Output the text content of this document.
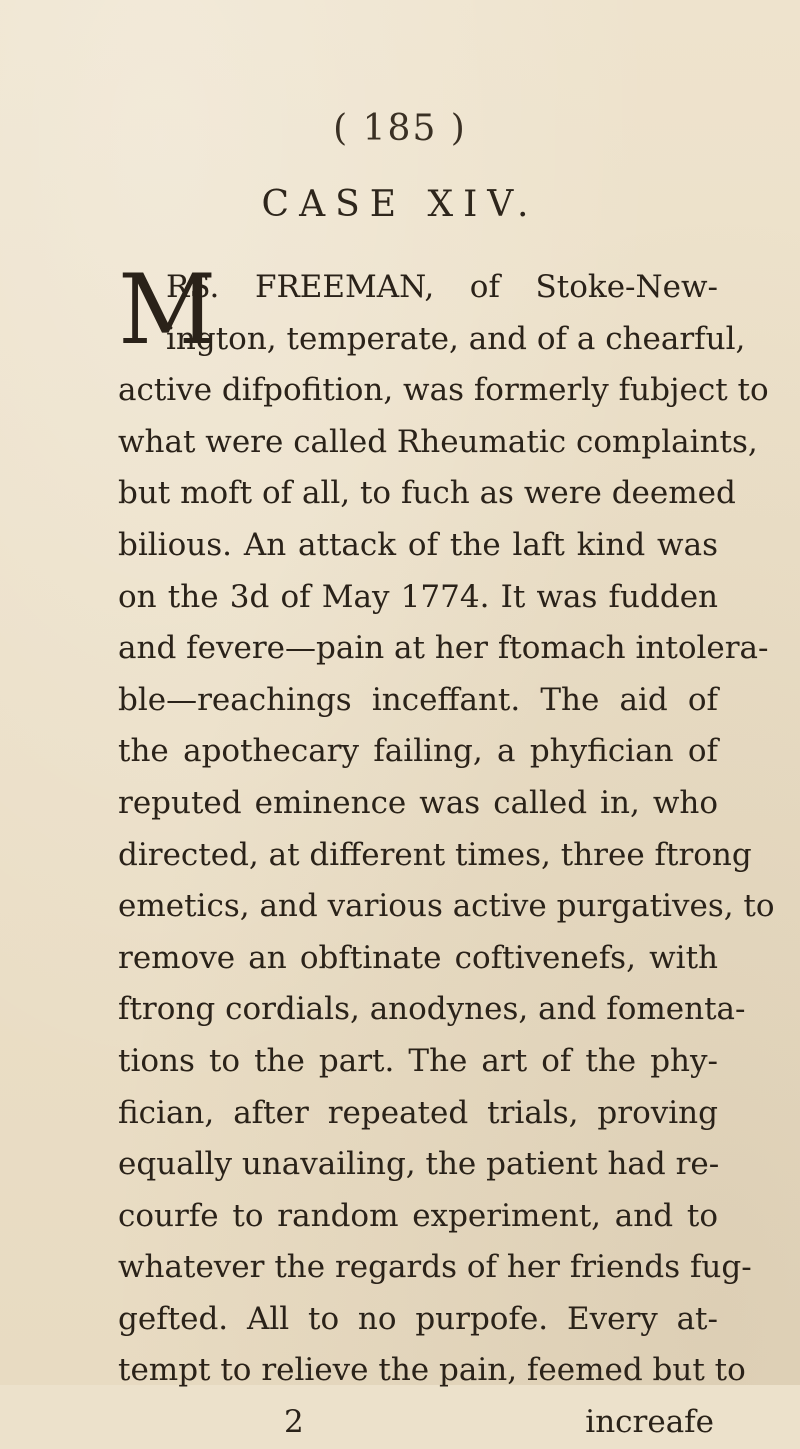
( 185 )
CASE XIV.
M
RS. FREEMAN, of Stoke-New-
ington, temperate, and of a chearful,
active difpofition, was formerly fubject to
what were called Rheumatic complaints,
but moft of all, to fuch as were deemed
bilious. An attack of the laft kind was
on the 3d of May 1774. It was fudden
and fevere—pain at her ftomach intolera-
ble—reachings inceffant. The aid of
the apothecary failing, a phyfician of
reputed eminence was called in, who
directed, at different times, three ftrong
emetics, and various active purgatives, to
remove an obftinate coftivenefs, with
ftrong cordials, anodynes, and fomenta-
tions to the part. The art of the phy-
fician, after repeated trials, proving
equally unavailing, the patient had re-
courfe to random experiment, and to
whatever the regards of her friends fug-
gefted. All to no purpofe. Every at-
tempt to relieve the pain, feemed but to
2	increafe
